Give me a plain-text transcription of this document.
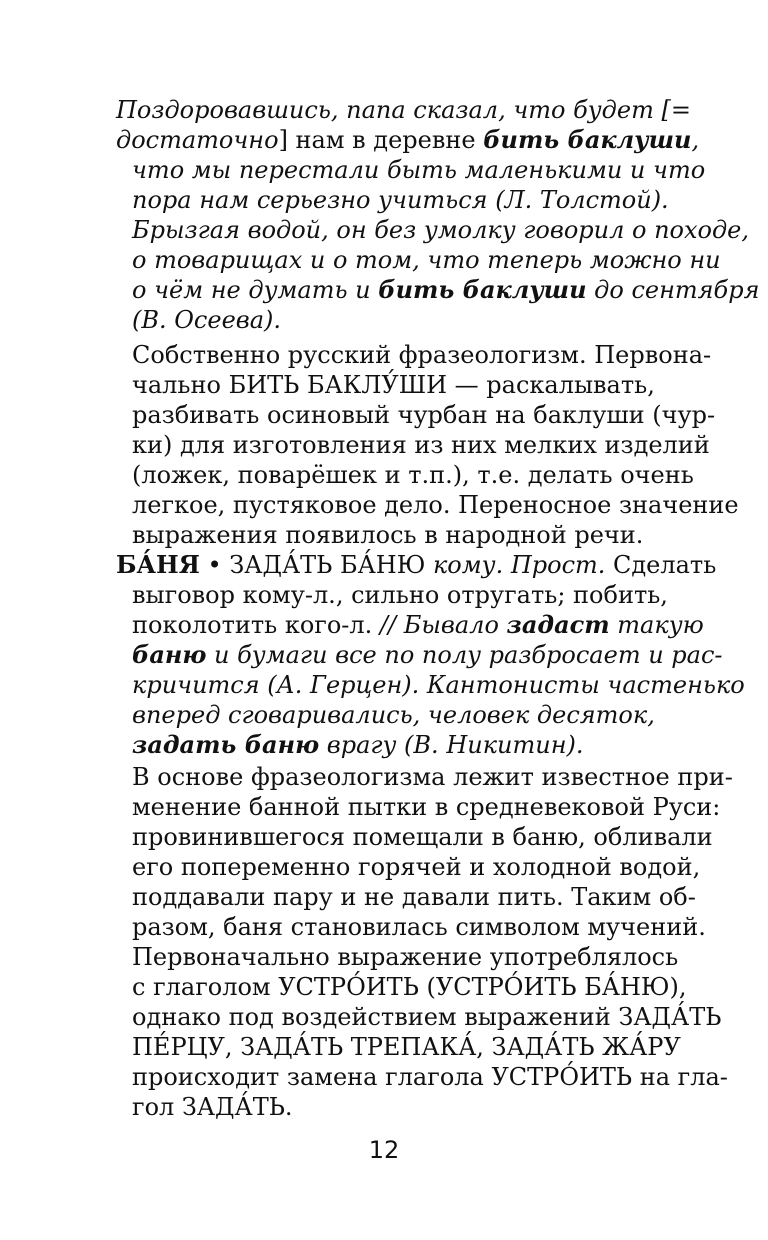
Поздоровавшись, папа сказал, что будет [=
достаточно] нам в деревне бить баклуши,
что мы перестали быть маленькими и что
пора нам серьезно учиться (Л. Толстой).
Брызгая водой, он без умолку говорил о походе,
о товарищах и о том, что теперь можно ни
о чём не думать и бить баклуши до сентября
(В. Осеева).
Собственно русский фразеологизм. Первона-
чально БИТЬ БАКЛУ́ШИ — раскалывать,
разбивать осиновый чурбан на баклуши (чур-
ки) для изготовления из них мелких изделий
(ложек, поварёшек и т.п.), т.е. делать очень
легкое, пустяковое дело. Переносное значение
выражения появилось в народной речи.
БА́НЯ • ЗАДА́ТЬ БА́НЮ кому. Прост. Сделать
выговор кому-л., сильно отругать; побить,
поколотить кого-л. // Бывало задаст такую
баню и бумаги все по полу разбросает и рас-
кричится (А. Герцен). Кантонисты частенько
вперед сговаривались, человек десяток,
задать баню врагу (В. Никитин).
В основе фразеологизма лежит известное при-
менение банной пытки в средневековой Руси:
провинившегося помещали в баню, обливали
его попеременно горячей и холодной водой,
поддавали пару и не давали пить. Таким об-
разом, баня становилась символом мучений.
Первоначально выражение употреблялось
с глаголом УСТРО́ИТЬ (УСТРО́ИТЬ БА́НЮ),
однако под воздействием выражений ЗАДА́ТЬ
ПЕ́РЦУ, ЗАДА́ТЬ ТРЕПАКА́, ЗАДА́ТЬ ЖА́РУ
происходит замена глагола УСТРО́ИТЬ на гла-
гол ЗАДА́ТЬ.
12
